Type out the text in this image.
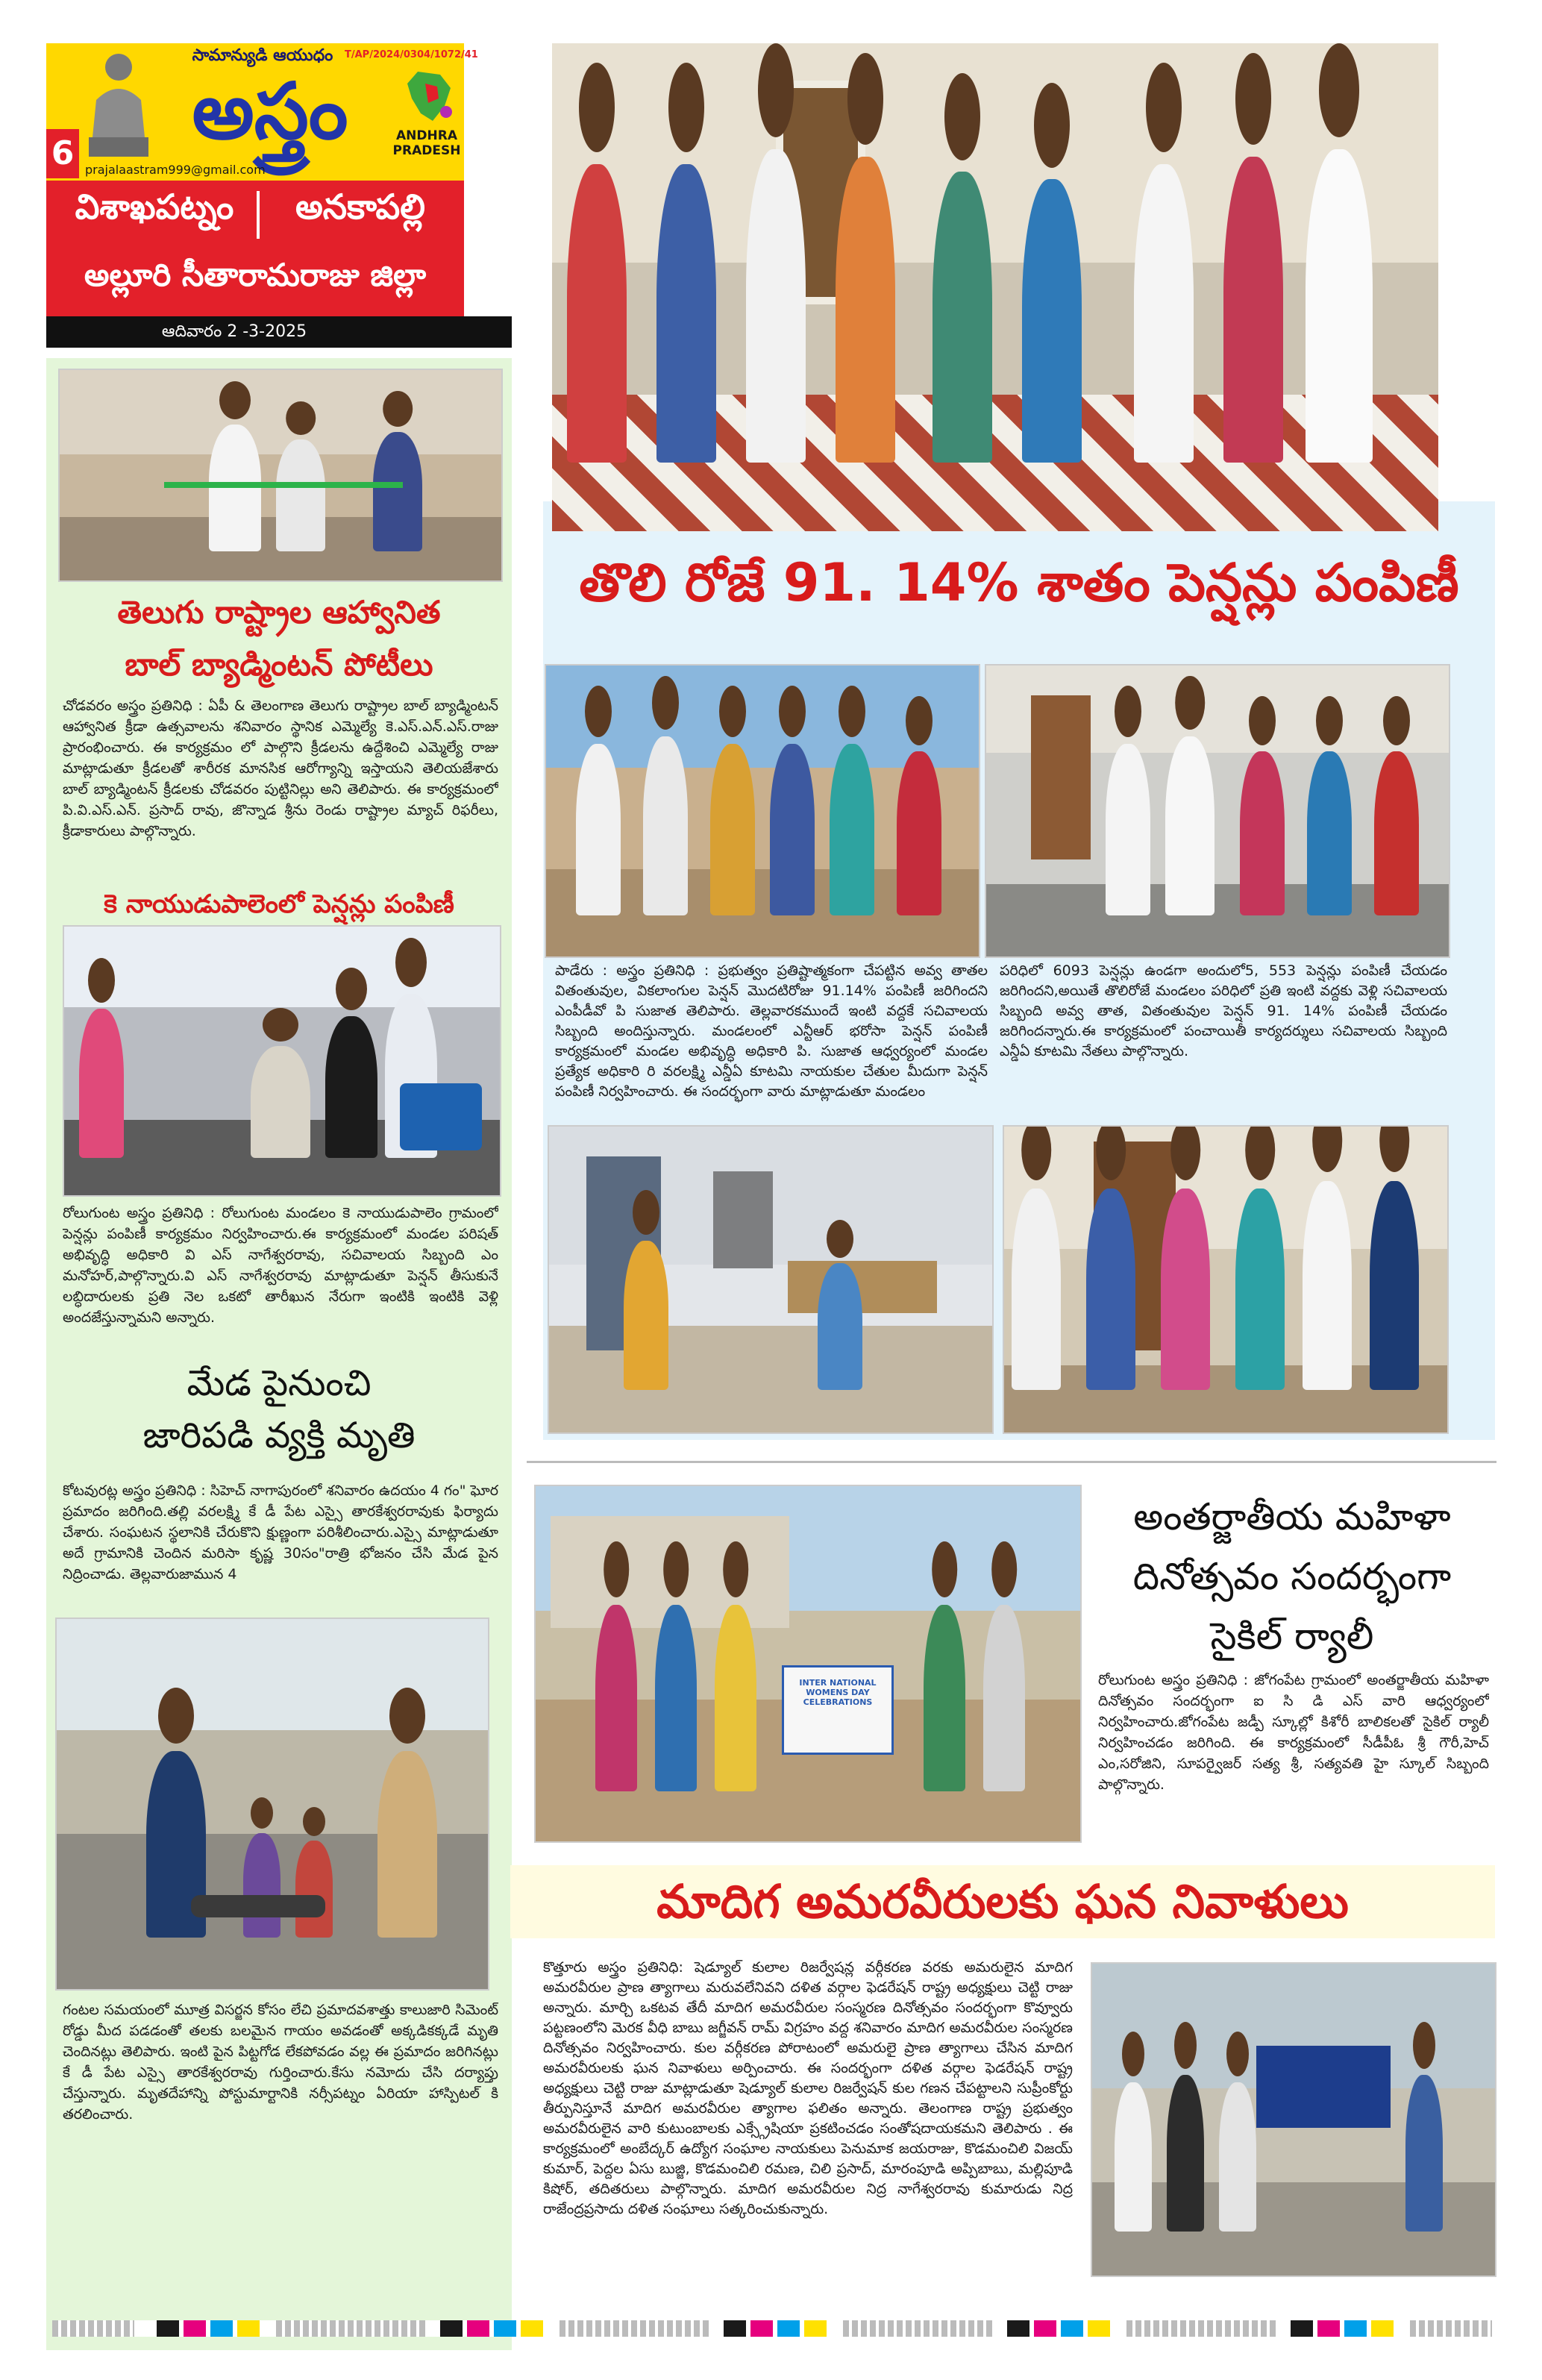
6
సామాన్యుడి ఆయుధం	T/AP/2024/0304/1072/41
అస్త్రం	ANDHRA PRADESH
prajalaastram999@gmail.com
విశాఖపట్నం	అనకాపల్లి
అల్లూరి సీతారామరాజు జిల్లా
ఆదివారం 2 -3-2025
తెలుగు రాష్ట్రాల ఆహ్వానిత
బాల్ బ్యాడ్మింటన్ పోటీలు
చోడవరం అస్త్రం ప్రతినిధి : ఏపీ & తెలంగాణ తెలుగు రాష్ట్రాల బాల్ బ్యాడ్మింటన్ ఆహ్వానిత క్రీడా ఉత్సవాలను శనివారం స్థానిక ఎమ్మెల్యే కె.ఎస్.ఎన్.ఎస్.రాజు ప్రారంభించారు. ఈ కార్యక్రమం లో పాల్గొని క్రీడలను ఉద్దేశించి ఎమ్మెల్యే రాజు మాట్లాడుతూ క్రీడలతో శారీరక మానసిక ఆరోగ్యాన్ని ఇస్తాయని తెలియజేశారు బాల్ బ్యాడ్మింటన్ క్రీడలకు చోడవరం పుట్టినిల్లు అని తెలిపారు. ఈ కార్యక్రమంలో పి.వి.ఎస్.ఎన్. ప్రసాద్ రావు, జొన్నాడ శ్రీను రెండు రాష్ట్రాల మ్యాచ్ రిఫరీలు, క్రీడాకారులు పాల్గొన్నారు.
కె నాయుడుపాలెంలో పెన్షన్లు పంపిణీ
రోలుగుంట అస్త్రం ప్రతినిధి : రోలుగుంట మండలం కె నాయుడుపాలెం గ్రామంలో పెన్షన్లు పంపిణీ కార్యక్రమం నిర్వహించారు.ఈ కార్యక్రమంలో మండల పరిషత్ అభివృద్ధి అధికారి వి ఎస్ నాగేశ్వరరావు, సచివాలయ సిబ్బంది ఎం మనోహర్,పాల్గొన్నారు.వి ఎస్ నాగేశ్వరరావు మాట్లాడుతూ పెన్షన్ తీసుకునే లబ్ధిదారులకు ప్రతి నెల ఒకటో తారీఖున నేరుగా ఇంటికి ఇంటికి వెళ్లి అందజేస్తున్నామని అన్నారు.
మేడ పైనుంచి
జారిపడి వ్యక్తి మృతి
కోటవురట్ల అస్త్రం ప్రతినిధి : సిహెచ్ నాగాపురంలో శనివారం ఉదయం 4 గం" ఘోర ప్రమాదం జరిగింది.తల్లి వరలక్ష్మి కే డీ పేట ఎస్సై తారకేశ్వరరావుకు ఫిర్యాదు చేశారు. సంఘటన స్థలానికి చేరుకొని క్షుణ్ణంగా పరిశీలించారు.ఎస్సై మాట్లాడుతూ అదే గ్రామానికి చెందిన మరిసా కృష్ణ 30సం"రాత్రి భోజనం చేసి మేడ పైన నిద్రించాడు. తెల్లవారుజామున 4
గంటల సమయంలో మూత్ర విసర్జన కోసం లేచి ప్రమాదవశాత్తు కాలుజారి సిమెంట్ రోడ్డు మీద పడడంతో తలకు బలమైన గాయం అవడంతో అక్కడికక్కడే మృతి చెందినట్లు తెలిపారు. ఇంటి పైన పిట్టగోడ లేకపోవడం వల్ల ఈ ప్రమాదం జరిగినట్లు కే డీ పేట ఎస్సై తారకేశ్వరరావు గుర్తించారు.కేసు నమోదు చేసి దర్యాప్తు చేస్తున్నారు. మృతదేహాన్ని పోస్టుమార్టానికి నర్సీపట్నం ఏరియా హాస్పిటల్ కి తరలించారు.
తొలి రోజే 91. 14% శాతం పెన్షన్లు పంపిణీ
పాడేరు : అస్త్రం ప్రతినిధి : ప్రభుత్వం ప్రతిష్టాత్మకంగా చేపట్టిన అవ్వ తాతల వితంతువుల, వికలాంగుల పెన్షన్ మొదటిరోజు 91.14% పంపిణీ జరిగిందని ఎంపీడీవో పి సుజాత తెలిపారు. తెల్లవారకముందే ఇంటి వద్దకే సచివాలయ సిబ్బంది అందిస్తున్నారు. మండలంలో ఎన్టీఆర్ భరోసా పెన్షన్ పంపిణీ కార్యక్రమంలో మండల అభివృద్ధి అధికారి పి. సుజాత ఆధ్వర్యంలో మండల ప్రత్యేక అధికారి రి వరలక్ష్మి ఎన్డీఏ కూటమి నాయకుల చేతుల మీదుగా పెన్షన్ పంపిణీ నిర్వహించారు. ఈ సందర్భంగా వారు మాట్లాడుతూ మండలం
పరిధిలో 6093 పెన్షన్లు ఉండగా అందులో5, 553 పెన్షన్లు పంపిణీ చేయడం జరిగిందని,అయితే తొలిరోజే మండలం పరిధిలో ప్రతి ఇంటి వద్దకు వెళ్లి సచివాలయ సిబ్బంది అవ్వ తాత, వితంతువుల పెన్షన్ 91. 14% పంపిణీ చేయడం జరిగిందన్నారు.ఈ కార్యక్రమంలో పంచాయితీ కార్యదర్శులు సచివాలయ సిబ్బంది ఎన్డీఏ కూటమి నేతలు పాల్గొన్నారు.
INTER NATIONAL WOMENS DAY CELEBRATIONS
అంతర్జాతీయ మహిళా
దినోత్సవం సందర్భంగా
సైకిల్ ర్యాలీ
రోలుగుంట అస్త్రం ప్రతినిధి : జోగంపేట గ్రామంలో అంతర్జాతీయ మహిళా దినోత్సవం సందర్భంగా ఐ సి డి ఎస్ వారి ఆధ్వర్యంలో నిర్వహించారు.జోగంపేట జడ్పీ స్కూల్లో కిశోరీ బాలికలతో సైకిల్ ర్యాలీ నిర్వహించడం జరిగింది. ఈ కార్యక్రమంలో సీడీపీఓ శ్రీ గౌరీ,హెచ్ ఎం,సరోజిని, సూపర్వైజర్ సత్య శ్రీ, సత్యవతి హై స్కూల్ సిబ్బంది పాల్గొన్నారు.
మాదిగ అమరవీరులకు ఘన నివాళులు
కొత్తూరు అస్త్రం ప్రతినిధి: షెడ్యూల్ కులాల రిజర్వేషన్ల వర్గీకరణ వరకు అమరులైన మాదిగ అమరవీరుల ప్రాణ త్యాగాలు మరువలేనివని దళిత వర్గాల ఫెడరేషన్ రాష్ట్ర అధ్యక్షులు చెట్టి రాజు అన్నారు. మార్చి ఒకటవ తేదీ మాదిగ అమరవీరుల సంస్మరణ దినోత్సవం సందర్భంగా కొవ్వూరు పట్టణంలోని మెరక వీధి బాబు జగ్జీవన్ రామ్ విగ్రహం వద్ద శనివారం మాదిగ అమరవీరుల సంస్మరణ దినోత్సవం నిర్వహించారు. కుల వర్గీకరణ పోరాటంలో అమరులై ప్రాణ త్యాగాలు చేసిన మాదిగ అమరవీరులకు ఘన నివాళులు అర్పించారు. ఈ సందర్భంగా దళిత వర్గాల ఫెడరేషన్ రాష్ట్ర అధ్యక్షులు చెట్టి రాజు మాట్లాడుతూ షెడ్యూల్ కులాల రిజర్వేషన్ కుల గణన చేపట్టాలని సుప్రీంకోర్టు తీర్పునిస్తూనే మాదిగ అమరవీరుల త్యాగాల ఫలితం అన్నారు. తెలంగాణ రాష్ట్ర ప్రభుత్వం అమరవీరులైన వారి కుటుంబాలకు ఎక్స్గ్రేషియా ప్రకటించడం సంతోషదాయకమని తెలిపారు . ఈ కార్యక్రమంలో అంబేద్కర్ ఉద్యోగ సంఘాల నాయకులు పెనుమాక జయరాజు, కొడమంచిలి విజయ్ కుమార్, పెద్దల ఏసు బుజ్జి, కొడమంచిలి రమణ, చిలి ప్రసాద్, మారంపూడి అప్పిబాబు, మల్లిపూడి కిషోర్, తదితరులు పాల్గొన్నారు. మాదిగ అమరవీరుల నిద్ర నాగేశ్వరరావు కుమారుడు నిద్ర రాజేంద్రప్రసాదు దళిత సంఘాలు సత్కరించుకున్నారు.
